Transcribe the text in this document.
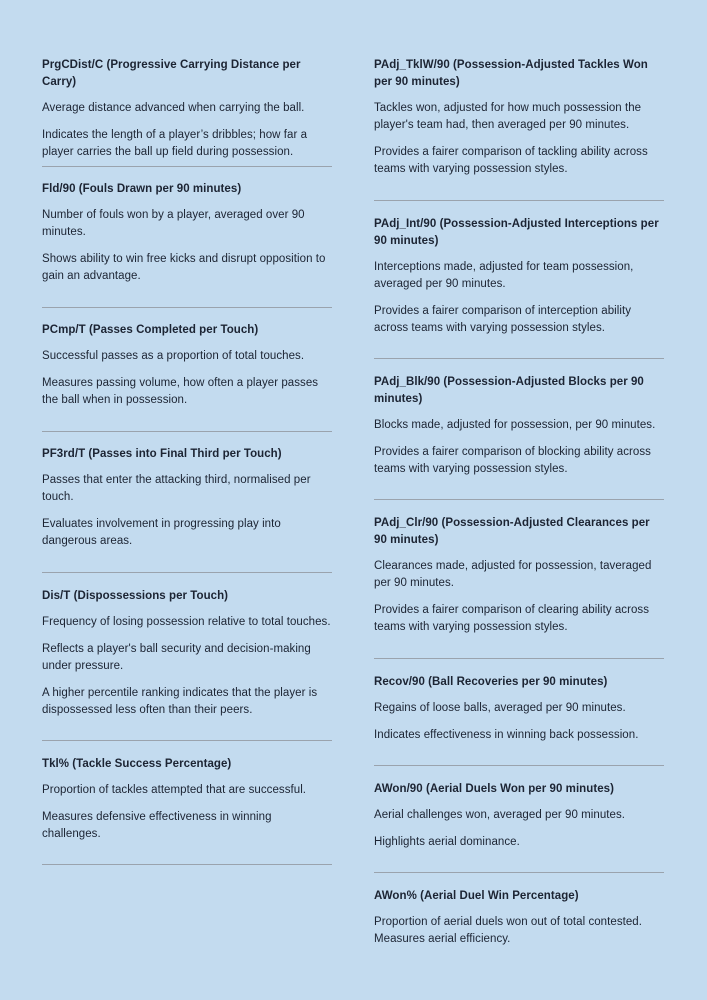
PrgCDist/C (Progressive Carrying Distance per Carry)
Average distance advanced when carrying the ball.
Indicates the length of a player’s dribbles; how far a player carries the ball up field during possession.
Fld/90 (Fouls Drawn per 90 minutes)
Number of fouls won by a player, averaged over 90 minutes.
Shows ability to win free kicks and disrupt opposition to gain an advantage.
PCmp/T (Passes Completed per Touch)
Successful passes as a proportion of total touches.
Measures passing volume, how often a player passes the ball when in possession.
PF3rd/T (Passes into Final Third per Touch)
Passes that enter the attacking third, normalised per touch.
Evaluates involvement in progressing play into dangerous areas.
Dis/T (Dispossessions per Touch)
Frequency of losing possession relative to total touches.
Reflects a player's ball security and decision-making under pressure.
A higher percentile ranking indicates that the player is dispossessed less often than their peers.
Tkl% (Tackle Success Percentage)
Proportion of tackles attempted that are successful.
Measures defensive effectiveness in winning challenges.
PAdj_TklW/90 (Possession-Adjusted Tackles Won per 90 minutes)
Tackles won, adjusted for how much possession the player's team had, then averaged per 90 minutes.
Provides a fairer comparison of tackling ability across teams with varying possession styles.
PAdj_Int/90 (Possession-Adjusted Interceptions per 90 minutes)
Interceptions made, adjusted for team possession, averaged per 90 minutes.
Provides a fairer comparison of interception ability across teams with varying possession styles.
PAdj_Blk/90 (Possession-Adjusted Blocks per 90 minutes)
Blocks made, adjusted for possession, per 90 minutes.
Provides a fairer comparison of blocking ability across teams with varying possession styles.
PAdj_Clr/90 (Possession-Adjusted Clearances per 90 minutes)
Clearances made, adjusted for possession, taveraged per 90 minutes.
Provides a fairer comparison of clearing ability across teams with varying possession styles.
Recov/90 (Ball Recoveries per 90 minutes)
Regains of loose balls, averaged per 90 minutes.
Indicates effectiveness in winning back possession.
AWon/90 (Aerial Duels Won per 90 minutes)
Aerial challenges won, averaged per 90 minutes.
Highlights aerial dominance.
AWon% (Aerial Duel Win Percentage)
Proportion of aerial duels won out of total contested. Measures aerial efficiency.
